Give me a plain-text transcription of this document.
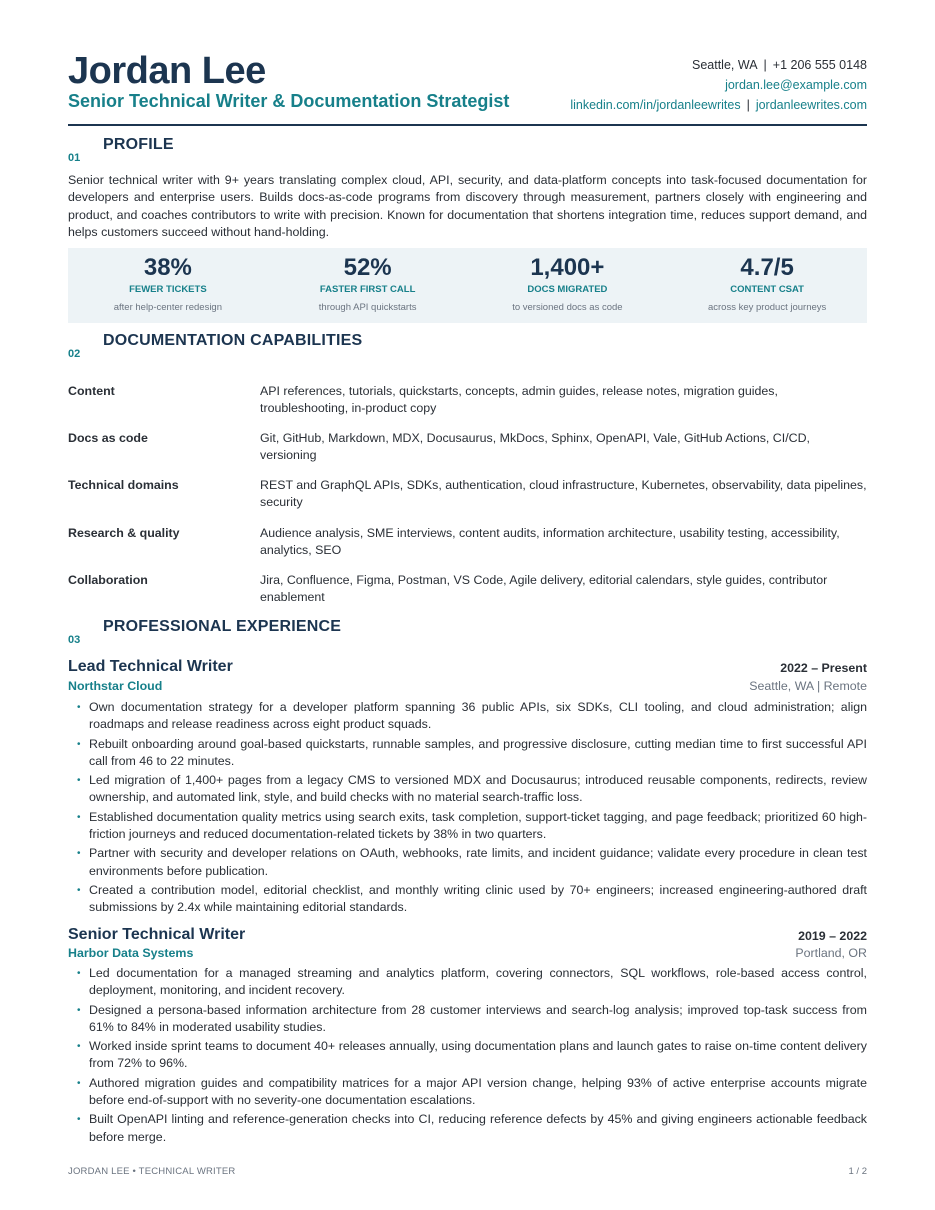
Jordan Lee
Senior Technical Writer & Documentation Strategist
Seattle, WA | +1 206 555 0148
jordan.lee@example.com
linkedin.com/in/jordanleewrites | jordanleewrites.com
01
PROFILE
Senior technical writer with 9+ years translating complex cloud, API, security, and data-platform concepts into task-focused documentation for developers and enterprise users. Builds docs-as-code programs from discovery through measurement, partners closely with engineering and product, and coaches contributors to write with precision. Known for documentation that shortens integration time, reduces support demand, and helps customers succeed without hand-holding.
38%
FEWER TICKETS
after help-center redesign
52%
FASTER FIRST CALL
through API quickstarts
1,400+
DOCS MIGRATED
to versioned docs as code
4.7/5
CONTENT CSAT
across key product journeys
02
DOCUMENTATION CAPABILITIES
Content	API references, tutorials, quickstarts, concepts, admin guides, release notes, migration guides, troubleshooting, in-product copy
Docs as code	Git, GitHub, Markdown, MDX, Docusaurus, MkDocs, Sphinx, OpenAPI, Vale, GitHub Actions, CI/CD, versioning
Technical domains	REST and GraphQL APIs, SDKs, authentication, cloud infrastructure, Kubernetes, observability, data pipelines, security
Research & quality	Audience analysis, SME interviews, content audits, information architecture, usability testing, accessibility, analytics, SEO
Collaboration	Jira, Confluence, Figma, Postman, VS Code, Agile delivery, editorial calendars, style guides, contributor enablement
03
PROFESSIONAL EXPERIENCE
Lead Technical Writer	2022 – Present
Northstar Cloud	Seattle, WA | Remote
• Own documentation strategy for a developer platform spanning 36 public APIs, six SDKs, CLI tooling, and cloud administration; align roadmaps and release readiness across eight product squads.
• Rebuilt onboarding around goal-based quickstarts, runnable samples, and progressive disclosure, cutting median time to first successful API call from 46 to 22 minutes.
• Led migration of 1,400+ pages from a legacy CMS to versioned MDX and Docusaurus; introduced reusable components, redirects, review ownership, and automated link, style, and build checks with no material search-traffic loss.
• Established documentation quality metrics using search exits, task completion, support-ticket tagging, and page feedback; prioritized 60 high-friction journeys and reduced documentation-related tickets by 38% in two quarters.
• Partner with security and developer relations on OAuth, webhooks, rate limits, and incident guidance; validate every procedure in clean test environments before publication.
• Created a contribution model, editorial checklist, and monthly writing clinic used by 70+ engineers; increased engineering-authored draft submissions by 2.4x while maintaining editorial standards.
Senior Technical Writer	2019 – 2022
Harbor Data Systems	Portland, OR
• Led documentation for a managed streaming and analytics platform, covering connectors, SQL workflows, role-based access control, deployment, monitoring, and incident recovery.
• Designed a persona-based information architecture from 28 customer interviews and search-log analysis; improved top-task success from 61% to 84% in moderated usability studies.
• Worked inside sprint teams to document 40+ releases annually, using documentation plans and launch gates to raise on-time content delivery from 72% to 96%.
• Authored migration guides and compatibility matrices for a major API version change, helping 93% of active enterprise accounts migrate before end-of-support with no severity-one documentation escalations.
• Built OpenAPI linting and reference-generation checks into CI, reducing reference defects by 45% and giving engineers actionable feedback before merge.
JORDAN LEE • TECHNICAL WRITER	1 / 2
